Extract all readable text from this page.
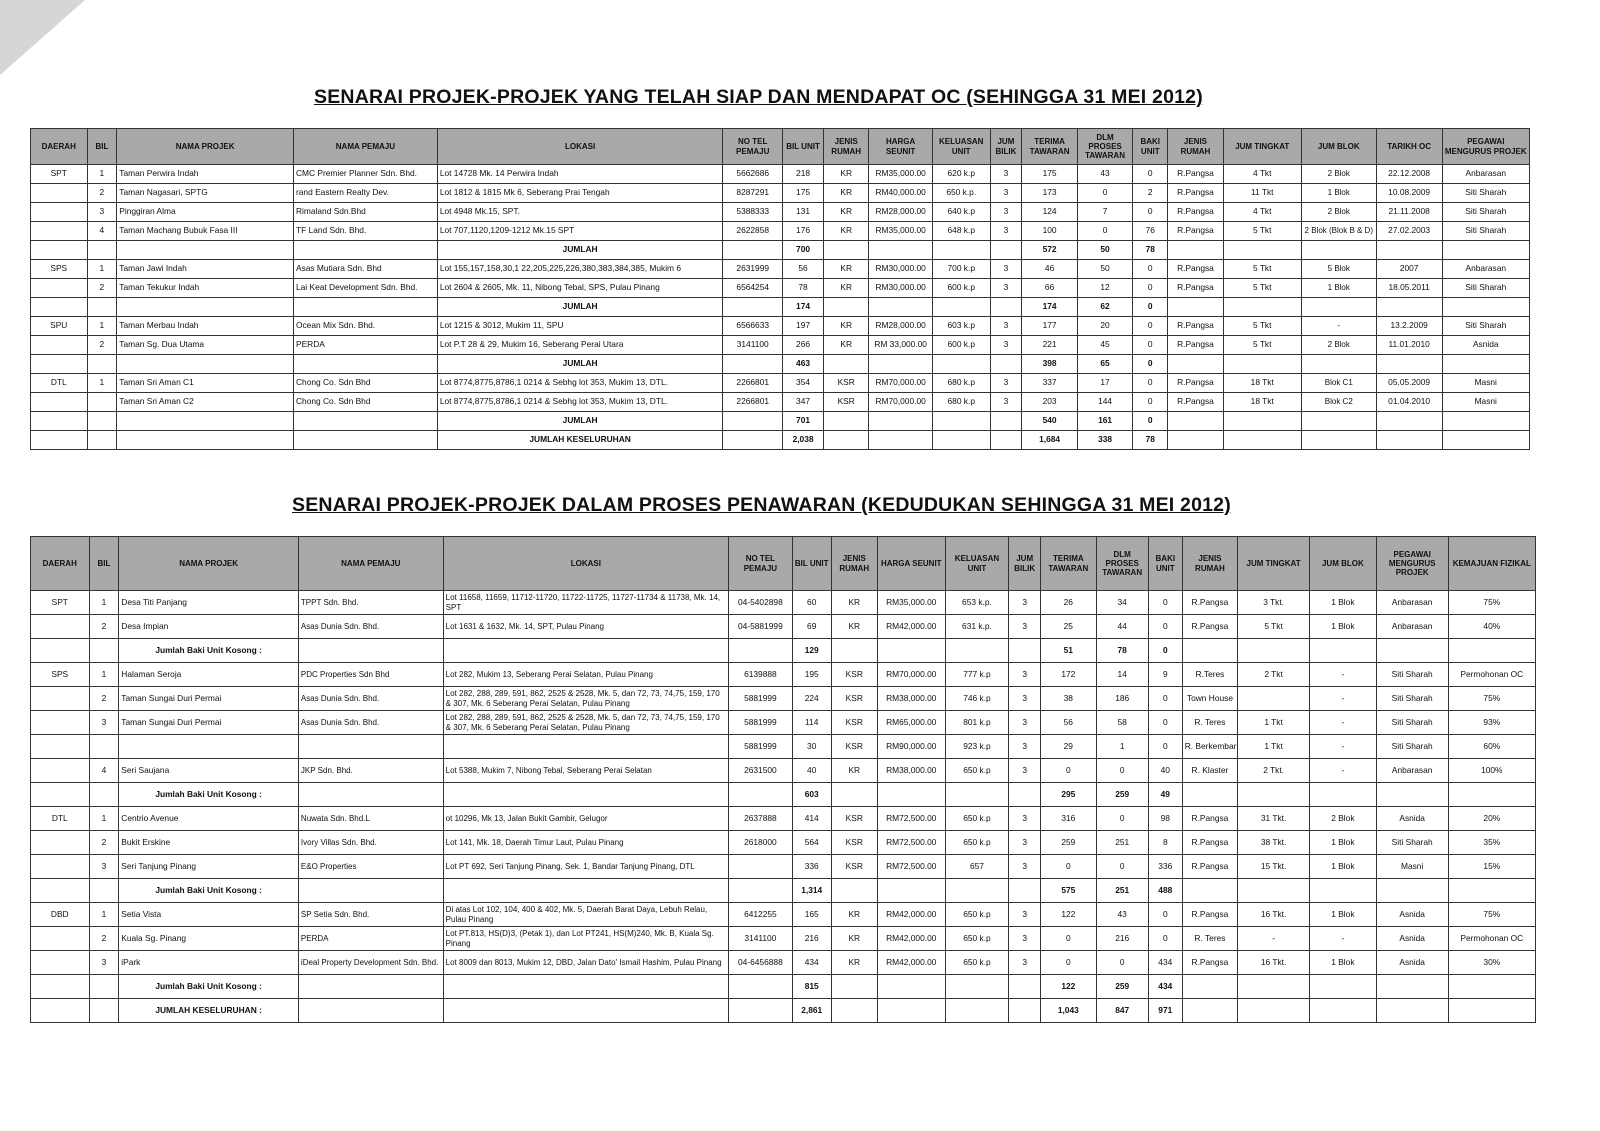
SENARAI PROJEK-PROJEK YANG TELAH SIAP DAN MENDAPAT OC (SEHINGGA 31 MEI 2012)
DAERAH	BIL	NAMA PROJEK	NAMA PEMAJU	LOKASI	NO TEL PEMAJU	BIL UNIT	JENIS RUMAH	HARGA SEUNIT	KELUASAN UNIT	JUM BILIK	TERIMA TAWARAN	DLM PROSES TAWARAN	BAKI UNIT	JENIS RUMAH	JUM TINGKAT	JUM BLOK	TARIKH OC	PEGAWAI MENGURUS PROJEK
SPT	1	Taman Perwira Indah	CMC Premier Planner Sdn. Bhd.	Lot 14728 Mk. 14 Perwira Indah	5662686	218	KR	RM35,000.00	620 k.p	3	175	43	0	R.Pangsa	4 Tkt	2 Blok	22.12.2008	Anbarasan
	2	Taman Nagasari, SPTG	rand Eastern Realty Dev.	Lot 1812 & 1815 Mk 6, Seberang Prai Tengah	8287291	175	KR	RM40,000.00	650 k.p.	3	173	0	2	R.Pangsa	11 Tkt	1 Blok	10.08.2009	Siti Sharah
	3	Pinggiran Alma	Rimaland Sdn.Bhd	Lot 4948 Mk.15, SPT.	5388333	131	KR	RM28,000.00	640 k.p	3	124	7	0	R.Pangsa	4 Tkt	2 Blok	21.11.2008	Siti Sharah
	4	Taman Machang Bubuk Fasa III	TF Land Sdn. Bhd.	Lot 707,1120,1209-1212 Mk.15 SPT	2622858	176	KR	RM35,000.00	648 k.p	3	100	0	76	R.Pangsa	5 Tkt	2 Blok (Blok B & D)	27.02.2003	Siti Sharah
				JUMLAH		700					572	50	78					
SPS	1	Taman Jawi Indah	Asas Mutiara Sdn. Bhd	Lot 155,157,158,30,1 22,205,225,226,380,383,384,385, Mukim 6	2631999	56	KR	RM30,000.00	700 k.p	3	46	50	0	R.Pangsa	5 Tkt	5 Blok	2007	Anbarasan
	2	Taman Tekukur Indah	Lai Keat Development Sdn. Bhd.	Lot 2604 & 2605, Mk. 11, Nibong Tebal, SPS, Pulau Pinang	6564254	78	KR	RM30,000.00	600 k.p	3	66	12	0	R.Pangsa	5 Tkt	1 Blok	18.05.2011	Siti Sharah
				JUMLAH		174					174	62	0					
SPU	1	Taman Merbau Indah	Ocean Mix Sdn. Bhd.	Lot 1215 & 3012, Mukim 11, SPU	6566633	197	KR	RM28,000.00	603 k.p	3	177	20	0	R.Pangsa	5 Tkt	-	13.2.2009	Siti Sharah
	2	Taman Sg. Dua Utama	PERDA	Lot P.T 28 & 29, Mukim 16, Seberang Perai Utara	3141100	266	KR	RM 33,000.00	600 k.p	3	221	45	0	R.Pangsa	5 Tkt	2 Blok	11.01.2010	Asnida
				JUMLAH		463					398	65	0					
DTL	1	Taman Sri Aman C1	Chong Co. Sdn Bhd	Lot 8774,8775,8786,1 0214 & Sebhg lot 353, Mukim 13, DTL.	2266801	354	KSR	RM70,000.00	680 k.p	3	337	17	0	R.Pangsa	18 Tkt	Blok C1	05.05.2009	Masni
		Taman Sri Aman C2	Chong Co. Sdn Bhd	Lot 8774,8775,8786,1 0214 & Sebhg lot 353, Mukim 13, DTL.	2266801	347	KSR	RM70,000.00	680 k.p	3	203	144	0	R.Pangsa	18 Tkt	Blok C2	01.04.2010	Masni
				JUMLAH		701					540	161	0					
				JUMLAH KESELURUHAN		2,038					1,684	338	78					
SENARAI PROJEK-PROJEK DALAM PROSES PENAWARAN (KEDUDUKAN SEHINGGA 31 MEI 2012)
DAERAH	BIL	NAMA PROJEK	NAMA PEMAJU	LOKASI	NO TEL PEMAJU	BIL UNIT	JENIS RUMAH	HARGA SEUNIT	KELUASAN UNIT	JUM BILIK	TERIMA TAWARAN	DLM PROSES TAWARAN	BAKI UNIT	JENIS RUMAH	JUM TINGKAT	JUM BLOK	PEGAWAI MENGURUS PROJEK	KEMAJUAN FIZIKAL
SPT	1	Desa Titi Panjang	TPPT Sdn. Bhd.	Lot 11658, 11659, 11712-11720, 11722-11725, 11727-11734 & 11738, Mk. 14, SPT	04-5402898	60	KR	RM35,000.00	653 k.p.	3	26	34	0	R.Pangsa	3 Tkt.	1 Blok	Anbarasan	75%
	2	Desa Impian	Asas Dunia Sdn. Bhd.	Lot 1631 & 1632, Mk. 14, SPT, Pulau Pinang	04-5881999	69	KR	RM42,000.00	631 k.p.	3	25	44	0	R.Pangsa	5 Tkt	1 Blok	Anbarasan	40%
		Jumlah Baki Unit Kosong :				129					51	78	0					
SPS	1	Halaman Seroja	PDC Properties Sdn Bhd	Lot 282, Mukim 13, Seberang Perai Selatan, Pulau Pinang	6139888	195	KSR	RM70,000.00	777 k.p	3	172	14	9	R.Teres	2 Tkt	-	Siti Sharah	Permohonan OC
	2	Taman Sungai Duri Permai	Asas Dunia Sdn. Bhd.	Lot 282, 288, 289, 591, 862, 2525 & 2528, Mk. 5, dan 72, 73, 74,75, 159, 170 & 307, Mk. 6 Seberang Perai Selatan, Pulau Pinang	5881999	224	KSR	RM38,000.00	746 k.p	3	38	186	0	Town House		-	Siti Sharah	75%
	3	Taman Sungai Duri Permai	Asas Dunia Sdn. Bhd.	Lot 282, 288, 289, 591, 862, 2525 & 2528, Mk. 5, dan 72, 73, 74,75, 159, 170 & 307, Mk. 6 Seberang Perai Selatan, Pulau Pinang	5881999	114	KSR	RM65,000.00	801 k.p	3	56	58	0	R. Teres	1 Tkt	-	Siti Sharah	93%
					5881999	30	KSR	RM90,000.00	923 k.p	3	29	1	0	R. Berkembar	1 Tkt	-	Siti Sharah	60%
	4	Seri Saujana	JKP Sdn. Bhd.	Lot 5388, Mukim 7, Nibong Tebal, Seberang Perai Selatan	2631500	40	KR	RM38,000.00	650 k.p	3	0	0	40	R. Klaster	2 Tkt.	-	Anbarasan	100%
		Jumlah Baki Unit Kosong :				603					295	259	49					
DTL	1	Centrio Avenue	Nuwata Sdn. Bhd.L	ot 10296, Mk 13, Jalan Bukit Gambir, Gelugor	2637888	414	KSR	RM72,500.00	650 k.p	3	316	0	98	R.Pangsa	31 Tkt.	2 Blok	Asnida	20%
	2	Bukit Erskine	Ivory Villas Sdn. Bhd.	Lot 141, Mk. 18, Daerah Timur Laut, Pulau Pinang	2618000	564	KSR	RM72,500.00	650 k.p	3	259	251	8	R.Pangsa	38 Tkt.	1 Blok	Siti Sharah	35%
	3	Seri Tanjung Pinang	E&O Properties	Lot PT 692, Seri Tanjung Pinang, Sek. 1, Bandar Tanjung Pinang, DTL		336	KSR	RM72,500.00	657	3	0	0	336	R.Pangsa	15 Tkt.	1 Blok	Masni	15%
		Jumlah Baki Unit Kosong :				1,314					575	251	488					
DBD	1	Setia Vista	SP Setia Sdn. Bhd.	Di atas Lot 102, 104, 400 & 402, Mk. 5, Daerah Barat Daya, Lebuh Relau, Pulau Pinang	6412255	165	KR	RM42,000.00	650 k.p	3	122	43	0	R.Pangsa	16 Tkt.	1 Blok	Asnida	75%
	2	Kuala Sg. Pinang	PERDA	Lot PT.813, HS(D)3, (Petak 1), dan Lot PT241, HS(M)240, Mk. B, Kuala Sg. Pinang	3141100	216	KR	RM42,000.00	650 k.p	3	0	216	0	R. Teres	-	-	Asnida	Permohonan OC
	3	iPark	iDeal Property Development Sdn. Bhd.	Lot 8009 dan 8013, Mukim 12, DBD, Jalan Dato' Ismail Hashim, Pulau Pinang	04-6456888	434	KR	RM42,000.00	650 k.p	3	0	0	434	R.Pangsa	16 Tkt.	1 Blok	Asnida	30%
		Jumlah Baki Unit Kosong :				815					122	259	434					
		JUMLAH KESELURUHAN :				2,861					1,043	847	971					
